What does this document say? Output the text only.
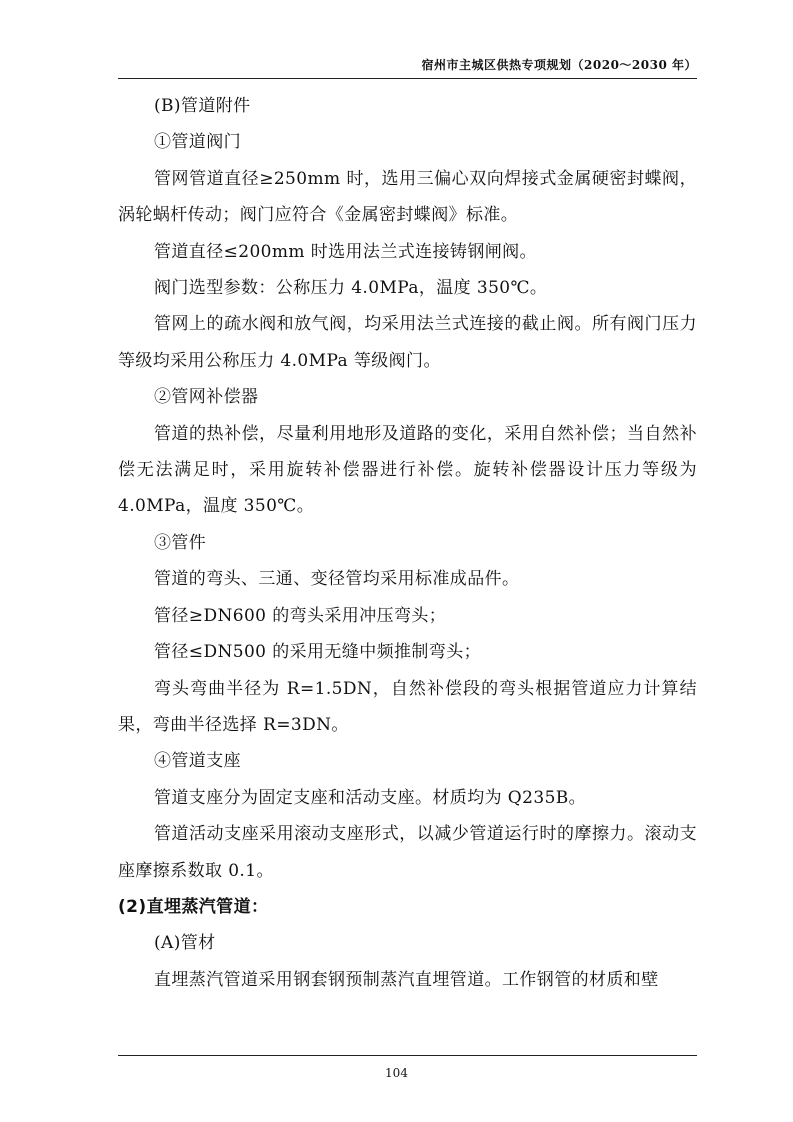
宿州市主城区供热专项规划（2020～2030 年）

(B)管道附件

①管道阀门

管网管道直径≥250mm 时，选用三偏心双向焊接式金属硬密封蝶阀，涡轮蜗杆传动；阀门应符合《金属密封蝶阀》标准。

管道直径≤200mm 时选用法兰式连接铸钢闸阀。

阀门选型参数：公称压力 4.0MPa，温度 350℃。

管网上的疏水阀和放气阀，均采用法兰式连接的截止阀。所有阀门压力等级均采用公称压力 4.0MPa 等级阀门。

②管网补偿器

管道的热补偿，尽量利用地形及道路的变化，采用自然补偿；当自然补偿无法满足时，采用旋转补偿器进行补偿。旋转补偿器设计压力等级为 4.0MPa，温度 350℃。

③管件

管道的弯头、三通、变径管均采用标准成品件。

管径≥DN600 的弯头采用冲压弯头；

管径≤DN500 的采用无缝中频推制弯头；

弯头弯曲半径为 R=1.5DN，自然补偿段的弯头根据管道应力计算结果，弯曲半径选择 R=3DN。

④管道支座

管道支座分为固定支座和活动支座。材质均为 Q235B。

管道活动支座采用滚动支座形式，以减少管道运行时的摩擦力。滚动支座摩擦系数取 0.1。

(2)直埋蒸汽管道：

(A)管材

直埋蒸汽管道采用钢套钢预制蒸汽直埋管道。工作钢管的材质和壁

104
